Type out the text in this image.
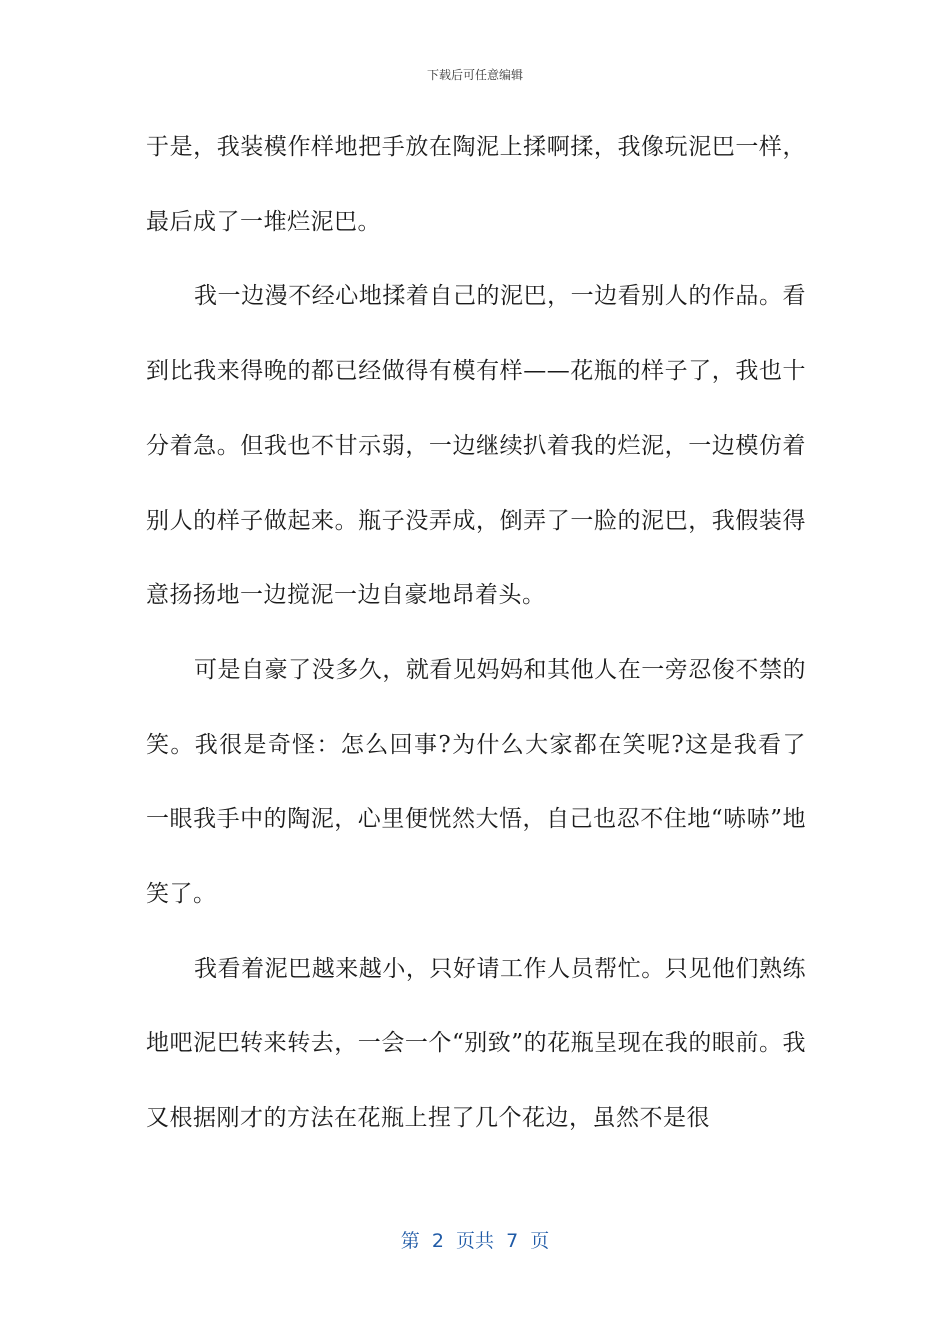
下载后可任意编辑

于是，我装模作样地把手放在陶泥上揉啊揉，我像玩泥巴一样，最后成了一堆烂泥巴。

我一边漫不经心地揉着自己的泥巴，一边看别人的作品。看到比我来得晚的都已经做得有模有样——花瓶的样子了，我也十分着急。但我也不甘示弱，一边继续扒着我的烂泥，一边模仿着别人的样子做起来。瓶子没弄成，倒弄了一脸的泥巴，我假装得意扬扬地一边搅泥一边自豪地昂着头。

可是自豪了没多久，就看见妈妈和其他人在一旁忍俊不禁的笑。我很是奇怪：怎么回事?为什么大家都在笑呢?这是我看了一眼我手中的陶泥，心里便恍然大悟，自己也忍不住地“哧哧”地笑了。

我看着泥巴越来越小，只好请工作人员帮忙。只见他们熟练地吧泥巴转来转去，一会一个“别致”的花瓶呈现在我的眼前。我又根据刚才的方法在花瓶上捏了几个花边，虽然不是很

第  2  页共  7  页
